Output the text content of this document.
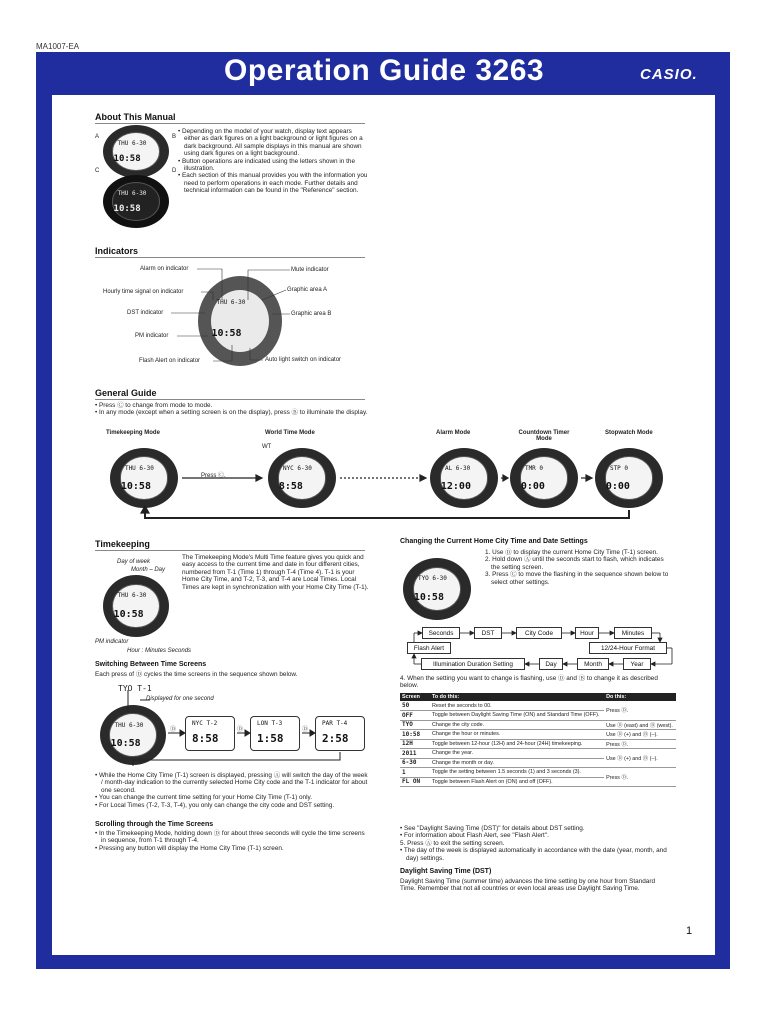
MA1007-EA
Operation Guide 3263	CASIO.
About This Manual
THU 6-30
10:58
THU 6-30
10:58
A	B
C	D
• Depending on the model of your watch, display text appears either as dark figures on a light background or light figures on a dark background. All sample displays in this manual are shown using dark figures on a light background.
• Button operations are indicated using the letters shown in the illustration.
• Each section of this manual provides you with the information you need to perform operations in each mode. Further details and technical information can be found in the "Reference" section.
Indicators
THU 6-30
10:58
Alarm on indicator
Hourly time signal on indicator
DST indicator
PM indicator
Flash Alert on indicator
Mute indicator
Graphic area A
Graphic area B
Auto light switch on indicator
General Guide
• Press Ⓒ to change from mode to mode.
• In any mode (except when a setting screen is on the display), press Ⓑ to illuminate the display.
Timekeeping Mode	World Time Mode	Alarm Mode	Countdown Timer Mode
Stopwatch Mode
WT
Press Ⓒ.
THU 6-30
10:58
NYC 6-30
8:58
AL 6-30
12:00
TMR 0
0:00
STP 0
0:00
Timekeeping
Day of week
Month – Day
THU 6-30
10:58
PM indicator
Hour : Minutes Seconds
The Timekeeping Mode's Multi Time feature gives you quick and easy access to the current time and date in four different cities, numbered from T-1 (Time 1) through T-4 (Time 4). T-1 is your Home City Time, and T-2, T-3, and T-4 are Local Times. Local Times are kept in synchronization with your Home City Time (T-1).
Switching Between Time Screens
Each press of Ⓓ cycles the time screens in the sequence shown below.
TYO T-1
Displayed for one second
THU 6-30
10:58
NYC T-2
8:58
LON T-3
1:58
PAR T-4
2:58
Ⓓ	Ⓓ	Ⓓ
• While the Home City Time (T-1) screen is displayed, pressing Ⓐ will switch the day of the week / month-day indication to the currently selected Home City code and the T-1 indicator for about one second.
• You can change the current time setting for your Home City Time (T-1) only.
• For Local Times (T-2, T-3, T-4), you only can change the city code and DST setting.
Scrolling through the Time Screens
• In the Timekeeping Mode, holding down Ⓓ for about three seconds will cycle the time screens in sequence, from T-1 through T-4.
• Pressing any button will display the Home City Time (T-1) screen.
Changing the Current Home City Time and Date Settings
TYO 6-30
10:58
1. Use Ⓓ to display the current Home City Time (T-1) screen.
2. Hold down Ⓐ until the seconds start to flash, which indicates the setting screen.
3. Press Ⓒ to move the flashing in the sequence shown below to select other settings.
Seconds	DST	City Code	Hour	Minutes
Flash Alert	12/24-Hour Format
Illumination Duration Setting	Day	Month	Year
4. When the setting you want to change is flashing, use Ⓓ and Ⓑ to change it as described below.
Screen	To do this:	Do this:
50	Reset the seconds to 00.	Press Ⓓ.
OFF	Toggle between Daylight Saving Time (ON) and Standard Time (OFF).	
TYO	Change the city code.	Use Ⓓ (east) and Ⓑ (west).
10:58	Change the hour or minutes.	Use Ⓓ (+) and Ⓑ (–).
12H	Toggle between 12-hour (12H) and 24-hour (24H) timekeeping.	Press Ⓓ.
2011	Change the year.	Use Ⓓ (+) and Ⓑ (–).
6-30	Change the month or day.	
1	Toggle the setting between 1.5 seconds (1) and 3 seconds (3).	Press Ⓓ.
FL ON	Toggle between Flash Alert on (ON) and off (OFF).	
• See "Daylight Saving Time (DST)" for details about DST setting.
• For information about Flash Alert, see "Flash Alert".
5. Press Ⓐ to exit the setting screen.
• The day of the week is displayed automatically in accordance with the date (year, month, and day) settings.
Daylight Saving Time (DST)
Daylight Saving Time (summer time) advances the time setting by one hour from Standard Time. Remember that not all countries or even local areas use Daylight Saving Time.
1
